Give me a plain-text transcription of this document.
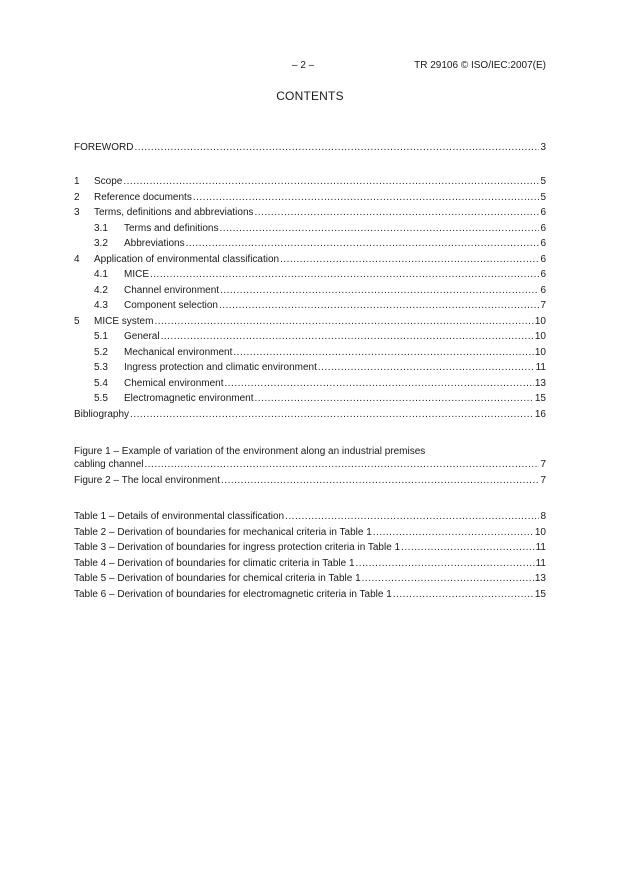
– 2 –	TR 29106 © ISO/IEC:2007(E)
CONTENTS
FOREWORD .....	3
1	Scope .....	5
2	Reference documents .....	5
3	Terms, definitions and abbreviations .....	6
3.1	Terms and definitions .....	6
3.2	Abbreviations .....	6
4	Application of environmental classification .....	6
4.1	MICE .....	6
4.2	Channel environment .....	6
4.3	Component selection .....	7
5	MICE system .....	10
5.1	General .....	10
5.2	Mechanical environment .....	10
5.3	Ingress protection and climatic environment .....	11
5.4	Chemical environment .....	13
5.5	Electromagnetic environment .....	15
Bibliography .....	16
Figure 1 – Example of variation of the environment along an industrial premises
cabling channel .....	7
Figure 2 – The local environment .....	7
Table 1 – Details of environmental classification .....	8
Table 2 – Derivation of boundaries for mechanical criteria in Table 1 .....	10
Table 3 – Derivation of boundaries for ingress protection criteria in Table 1 .....	11
Table 4 – Derivation of boundaries for climatic criteria in Table 1 .....	11
Table 5 – Derivation of boundaries for chemical criteria in Table 1 .....	13
Table 6 – Derivation of boundaries for electromagnetic criteria in Table 1 .....	15
